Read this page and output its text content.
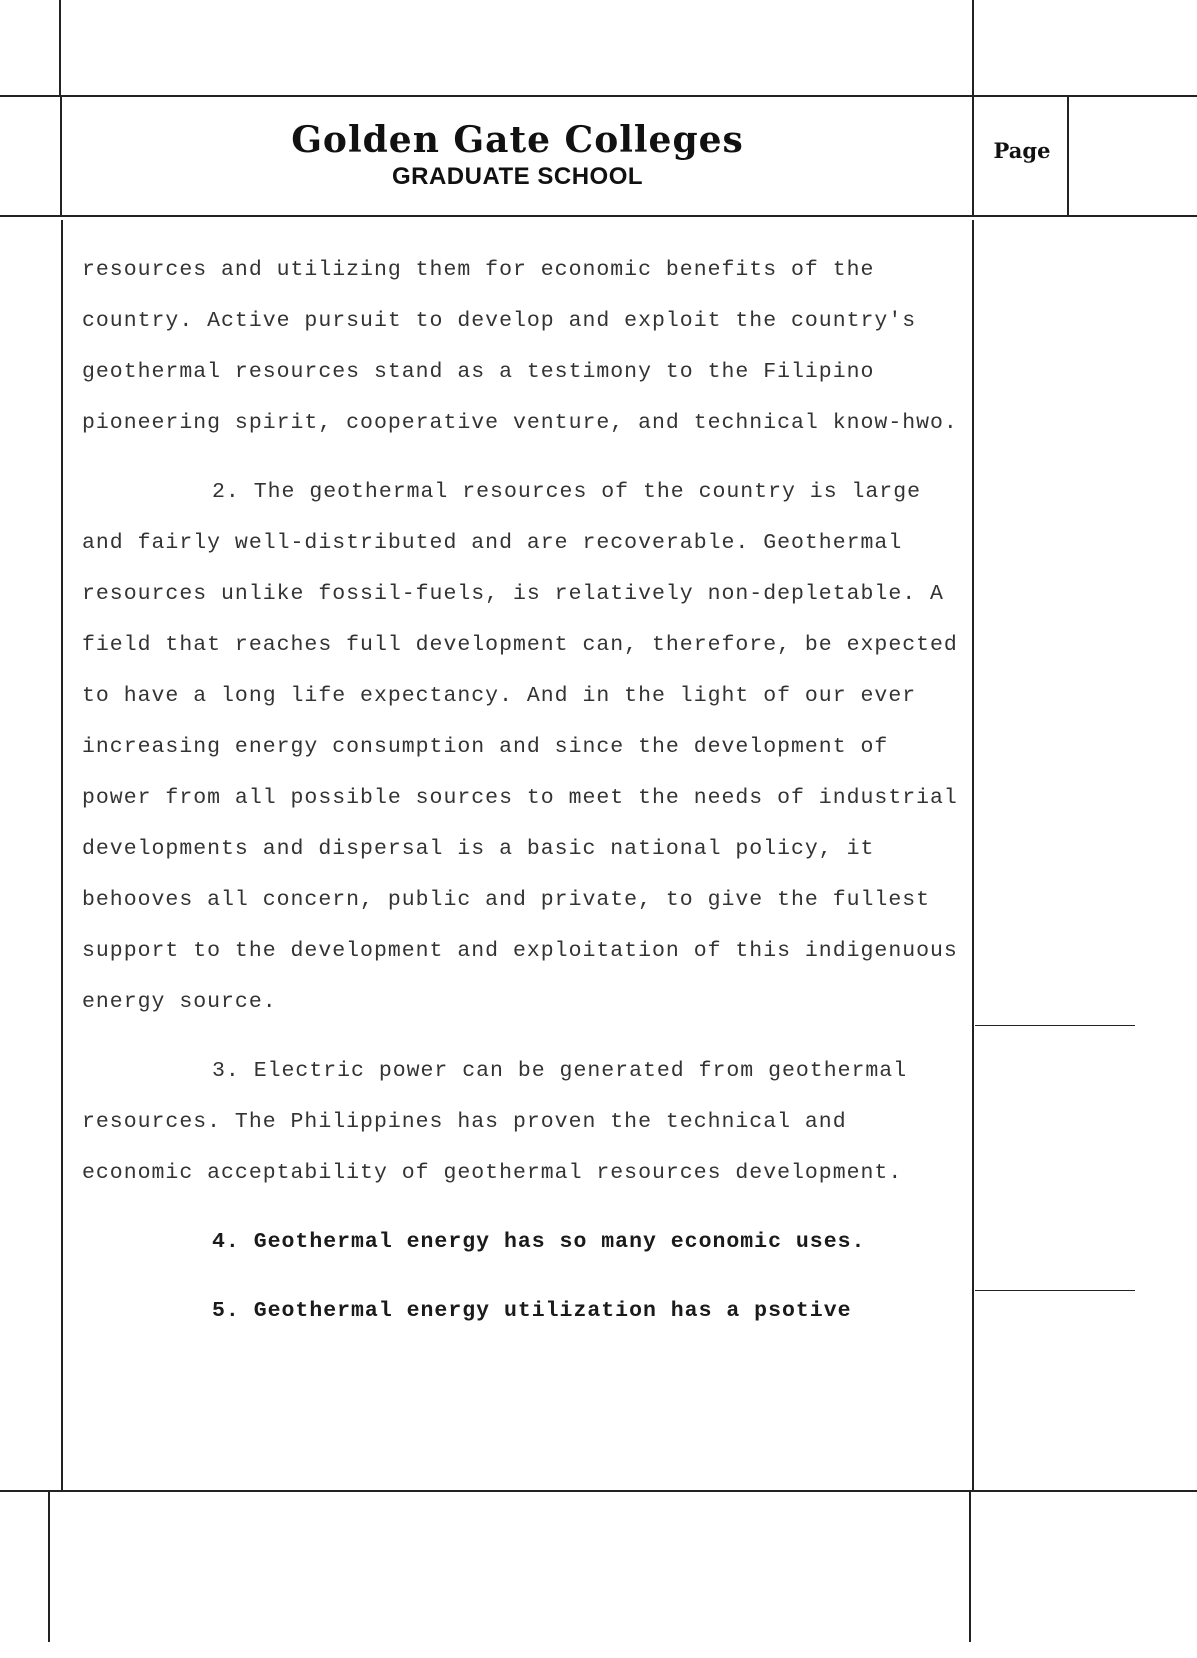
Golden Gate Colleges
GRADUATE SCHOOL
Page

resources and utilizing them for economic benefits of the country. Active pursuit to develop and exploit the country's geothermal resources stand as a testimony to the Filipino pioneering spirit, cooperative venture, and technical know-hwo.

2. The geothermal resources of the country is large and fairly well-distributed and are recoverable. Geothermal resources unlike fossil-fuels, is relatively non-depletable. A field that reaches full development can, therefore, be expected to have a long life expectancy. And in the light of our ever increasing energy consumption and since the development of power from all possible sources to meet the needs of industrial developments and dispersal is a basic national policy, it behooves all concern, public and private, to give the fullest support to the development and exploitation of this indigenuous energy source.

3. Electric power can be generated from geothermal resources. The Philippines has proven the technical and economic acceptability of geothermal resources development.

4. Geothermal energy has so many economic uses.

5. Geothermal energy utilization has a psotive
